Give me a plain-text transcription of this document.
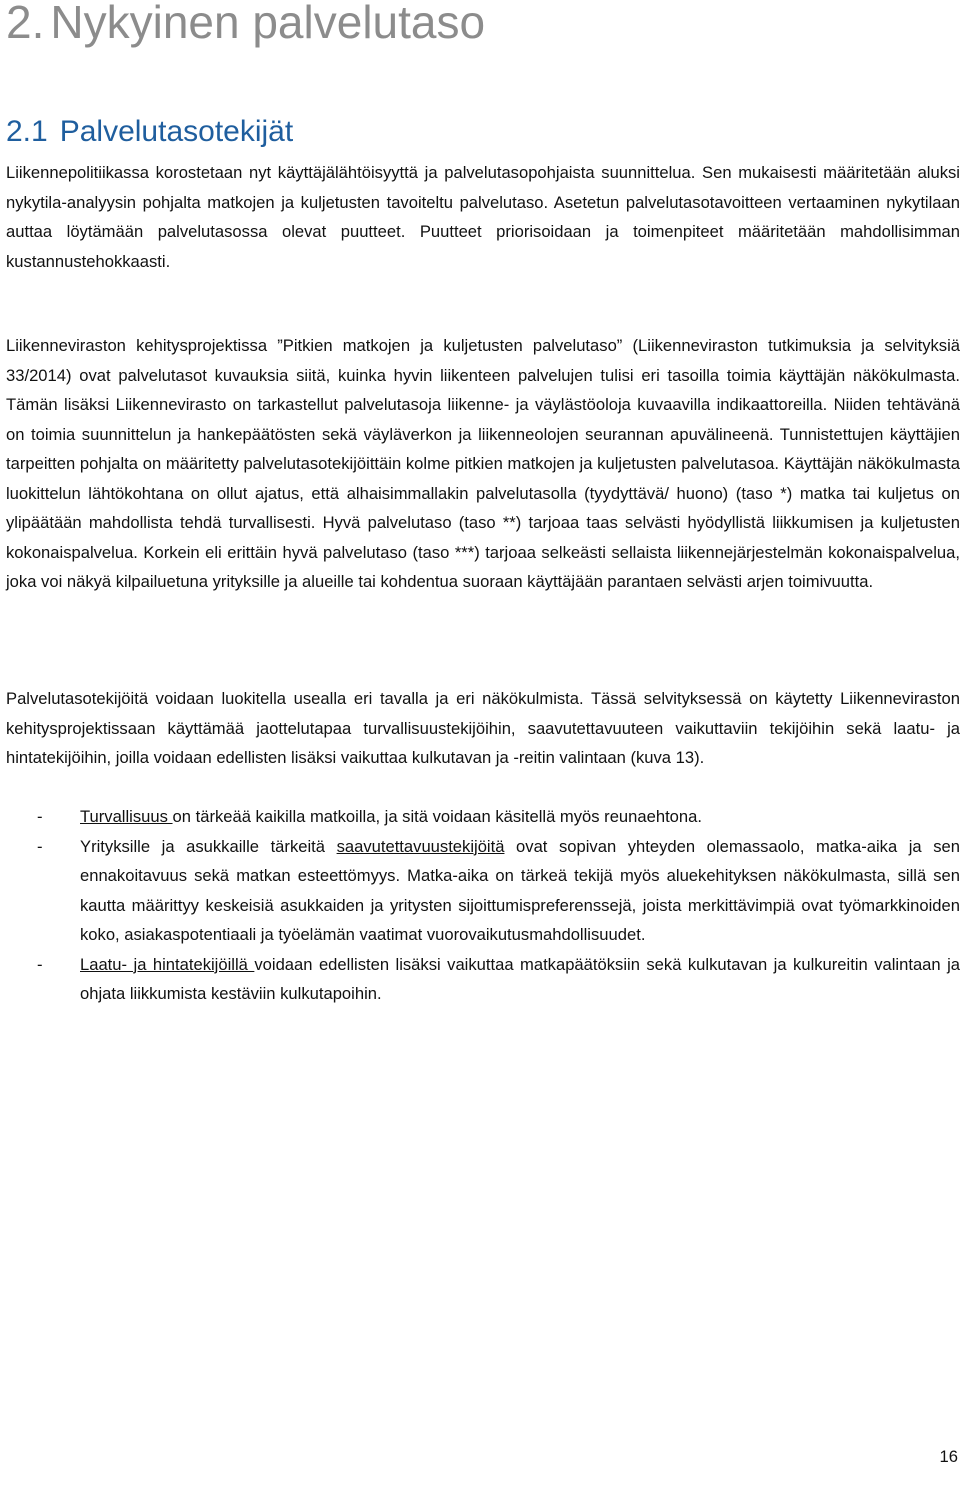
2. Nykyinen palvelutaso
2.1 Palvelutasotekijät

Liikennepolitiikassa korostetaan nyt käyttäjälähtöisyyttä ja palvelutasopohjaista suunnittelua. Sen mukaisesti määritetään aluksi nykytila-analyysin pohjalta matkojen ja kuljetusten tavoiteltu palvelutaso. Asetetun palvelutasotavoitteen vertaaminen nykytilaan auttaa löytämään palvelutasossa olevat puutteet. Puutteet priorisoidaan ja toimenpiteet määritetään mahdollisimman kustannustehokkaasti.

Liikenneviraston kehitysprojektissa ”Pitkien matkojen ja kuljetusten palvelutaso” (Liikenneviraston tutkimuksia ja selvityksiä 33/2014) ovat palvelutasot kuvauksia siitä, kuinka hyvin liikenteen palvelujen tulisi eri tasoilla toimia käyttäjän näkökulmasta. Tämän lisäksi Liikennevirasto on tarkastellut palvelutasoja liikenne- ja väylästöoloja kuvaavilla indikaattoreilla. Niiden tehtävänä on toimia suunnittelun ja hankepäätösten sekä väyläverkon ja liikenneolojen seurannan apuvälineenä. Tunnistettujen käyttäjien tarpeitten pohjalta on määritetty palvelutasotekijöittäin kolme pitkien matkojen ja kuljetusten palvelutasoa. Käyttäjän näkökulmasta luokittelun lähtökohtana on ollut ajatus, että alhaisimmallakin palvelutasolla (tyydyttävä/ huono) (taso *) matka tai kuljetus on ylipäätään mahdollista tehdä turvallisesti. Hyvä palvelutaso (taso **) tarjoaa taas selvästi hyödyllistä liikkumisen ja kuljetusten kokonaispalvelua. Korkein eli erittäin hyvä palvelutaso (taso ***) tarjoaa selkeästi sellaista liikennejärjestelmän kokonaispalvelua, joka voi näkyä kilpailuetuna yrityksille ja alueille tai kohdentua suoraan käyttäjään parantaen selvästi arjen toimivuutta.

Palvelutasotekijöitä voidaan luokitella usealla eri tavalla ja eri näkökulmista. Tässä selvityksessä on käytetty Liikenneviraston kehitysprojektissaan käyttämää jaottelutapaa turvallisuustekijöihin, saavutettavuuteen vaikuttaviin tekijöihin sekä laatu- ja hintatekijöihin, joilla voidaan edellisten lisäksi vaikuttaa kulkutavan ja -reitin valintaan (kuva 13).

- Turvallisuus on tärkeää kaikilla matkoilla, ja sitä voidaan käsitellä myös reunaehtona.
- Yrityksille ja asukkaille tärkeitä saavutettavuustekijöitä ovat sopivan yhteyden olemassaolo, matka-aika ja sen ennakoitavuus sekä matkan esteettömyys. Matka-aika on tärkeä tekijä myös aluekehityksen näkökulmasta, sillä sen kautta määrittyy keskeisiä asukkaiden ja yritysten sijoittumispreferenssejä, joista merkittävimpiä ovat työmarkkinoiden koko, asiakaspotentiaali ja työelämän vaatimat vuorovaikutusmahdollisuudet.
- Laatu- ja hintatekijöillä voidaan edellisten lisäksi vaikuttaa matkapäätöksiin sekä kulkutavan ja kulkureitin valintaan ja ohjata liikkumista kestäviin kulkutapoihin.
16
